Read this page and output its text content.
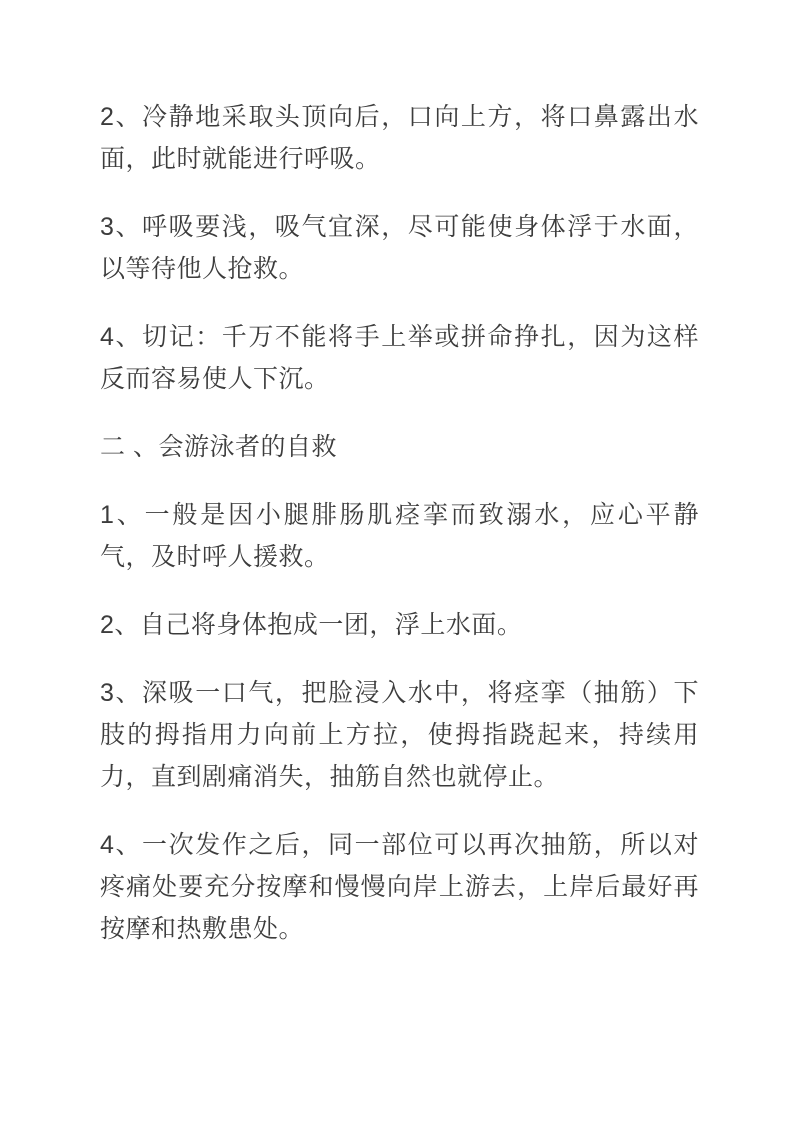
2、冷静地采取头顶向后，口向上方，将口鼻露出水面，此时就能进行呼吸。

3、呼吸要浅，吸气宜深，尽可能使身体浮于水面，以等待他人抢救。

4、切记：千万不能将手上举或拼命挣扎，因为这样反而容易使人下沉。

二 、会游泳者的自救

1、一般是因小腿腓肠肌痉挛而致溺水，应心平静气，及时呼人援救。

2、自己将身体抱成一团，浮上水面。

3、深吸一口气，把脸浸入水中，将痉挛（抽筋）下肢的拇指用力向前上方拉，使拇指跷起来，持续用力，直到剧痛消失，抽筋自然也就停止。

4、一次发作之后，同一部位可以再次抽筋，所以对疼痛处要充分按摩和慢慢向岸上游去，上岸后最好再按摩和热敷患处。
